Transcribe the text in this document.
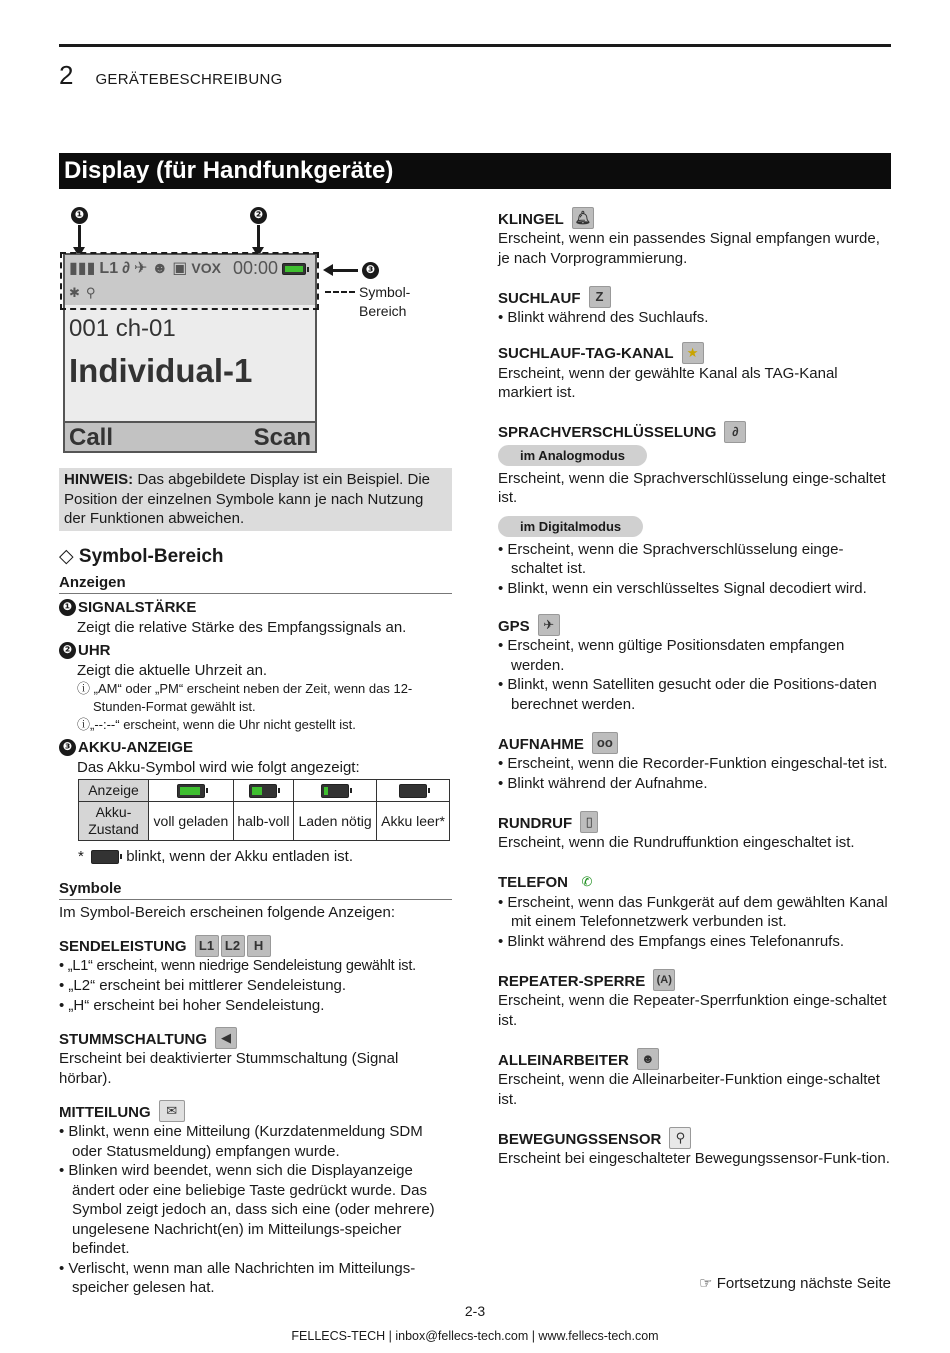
2 GERÄTEBESCHREIBUNG
Display (für Handfunkgeräte)
❶	❷
❸
▮▮▮ L1 ∂ ✈ ☻ ▣ VOX 00:00
✱ ⚲
001 ch-01
Individual-1
Call	Scan
Symbol-
Bereich
HINWEIS: Das abgebildete Display ist ein Beispiel. Die Position der einzelnen Symbole kann je nach Nutzung der Funktionen abweichen.
◇ Symbol-Bereich
Anzeigen
❶ SIGNALSTÄRKE
Zeigt die relative Stärke des Empfangssignals an.
❷ UHR
Zeigt die aktuelle Uhrzeit an.
ⓘ „AM“ oder „PM“ erscheint neben der Zeit, wenn das 12-Stunden-Format gewählt ist.
ⓘ„--:--“ erscheint, wenn die Uhr nicht gestellt ist.
❸ AKKU-ANZEIGE
Das Akku-Symbol wird wie folgt angezeigt:
Anzeige	

Akku-Zustand	voll geladen	halb-voll	Laden nötig	Akku leer*
*	blinkt, wenn der Akku entladen ist.
Symbole
Im Symbol-Bereich erscheinen folgende Anzeigen:
SENDELEISTUNG L1 L2	H
• „L1“ erscheint, wenn niedrige Sendeleistung gewählt ist.
• „L2“ erscheint bei mittlerer Sendeleistung.
• „H“ erscheint bei hoher Sendeleistung.
STUMMSCHALTUNG	◀
Erscheint bei deaktivierter Stummschaltung (Signal hörbar).
MITTEILUNG	✉
• Blinkt, wenn eine Mitteilung (Kurzdatenmeldung SDM oder Statusmeldung) empfangen wurde.
• Blinken wird beendet, wenn sich die Displayanzeige ändert oder eine beliebige Taste gedrückt wurde. Das Symbol zeigt jedoch an, dass sich eine (oder mehrere) ungelesene Nachricht(en) im Mitteilungs-speicher befindet.
• Verlischt, wenn man alle Nachrichten im Mitteilungs-speicher gelesen hat.
KLINGEL 🔔︎
Erscheint, wenn ein passendes Signal empfangen wurde, je nach Vorprogrammierung.
SUCHLAUF	Z
• Blinkt während des Suchlaufs.
SUCHLAUF-TAG-KANAL	★
Erscheint, wenn der gewählte Kanal als TAG-Kanal markiert ist.
SPRACHVERSCHLÜSSELUNG	∂
im Analogmodus
Erscheint, wenn die Sprachverschlüsselung einge-schaltet ist.
im Digitalmodus
• Erscheint, wenn die Sprachverschlüsselung einge-schaltet ist.
• Blinkt, wenn ein verschlüsseltes Signal decodiert wird.
GPS	✈
• Erscheint, wenn gültige Positionsdaten empfangen werden.
• Blinkt, wenn Satelliten gesucht oder die Positions-daten berechnet werden.
AUFNAHME	oo
• Erscheint, wenn die Recorder-Funktion eingeschal-tet ist.
• Blinkt während der Aufnahme.
RUNDRUF	▯
Erscheint, wenn die Rundruffunktion eingeschaltet ist.
TELEFON	✆
• Erscheint, wenn das Funkgerät auf dem gewählten Kanal mit einem Telefonnetzwerk verbunden ist.
• Blinkt während des Empfangs eines Telefonanrufs.
REPEATER-SPERRE	(A)
Erscheint, wenn die Repeater-Sperrfunktion einge-schaltet ist.
ALLEINARBEITER ☻
Erscheint, wenn die Alleinarbeiter-Funktion einge-schaltet ist.
BEWEGUNGSSENSOR	⚲
Erscheint bei eingeschalteter Bewegungssensor-Funk-tion.
☞ Fortsetzung nächste Seite
2-3
FELLECS-TECH | inbox@fellecs-tech.com | www.fellecs-tech.com
